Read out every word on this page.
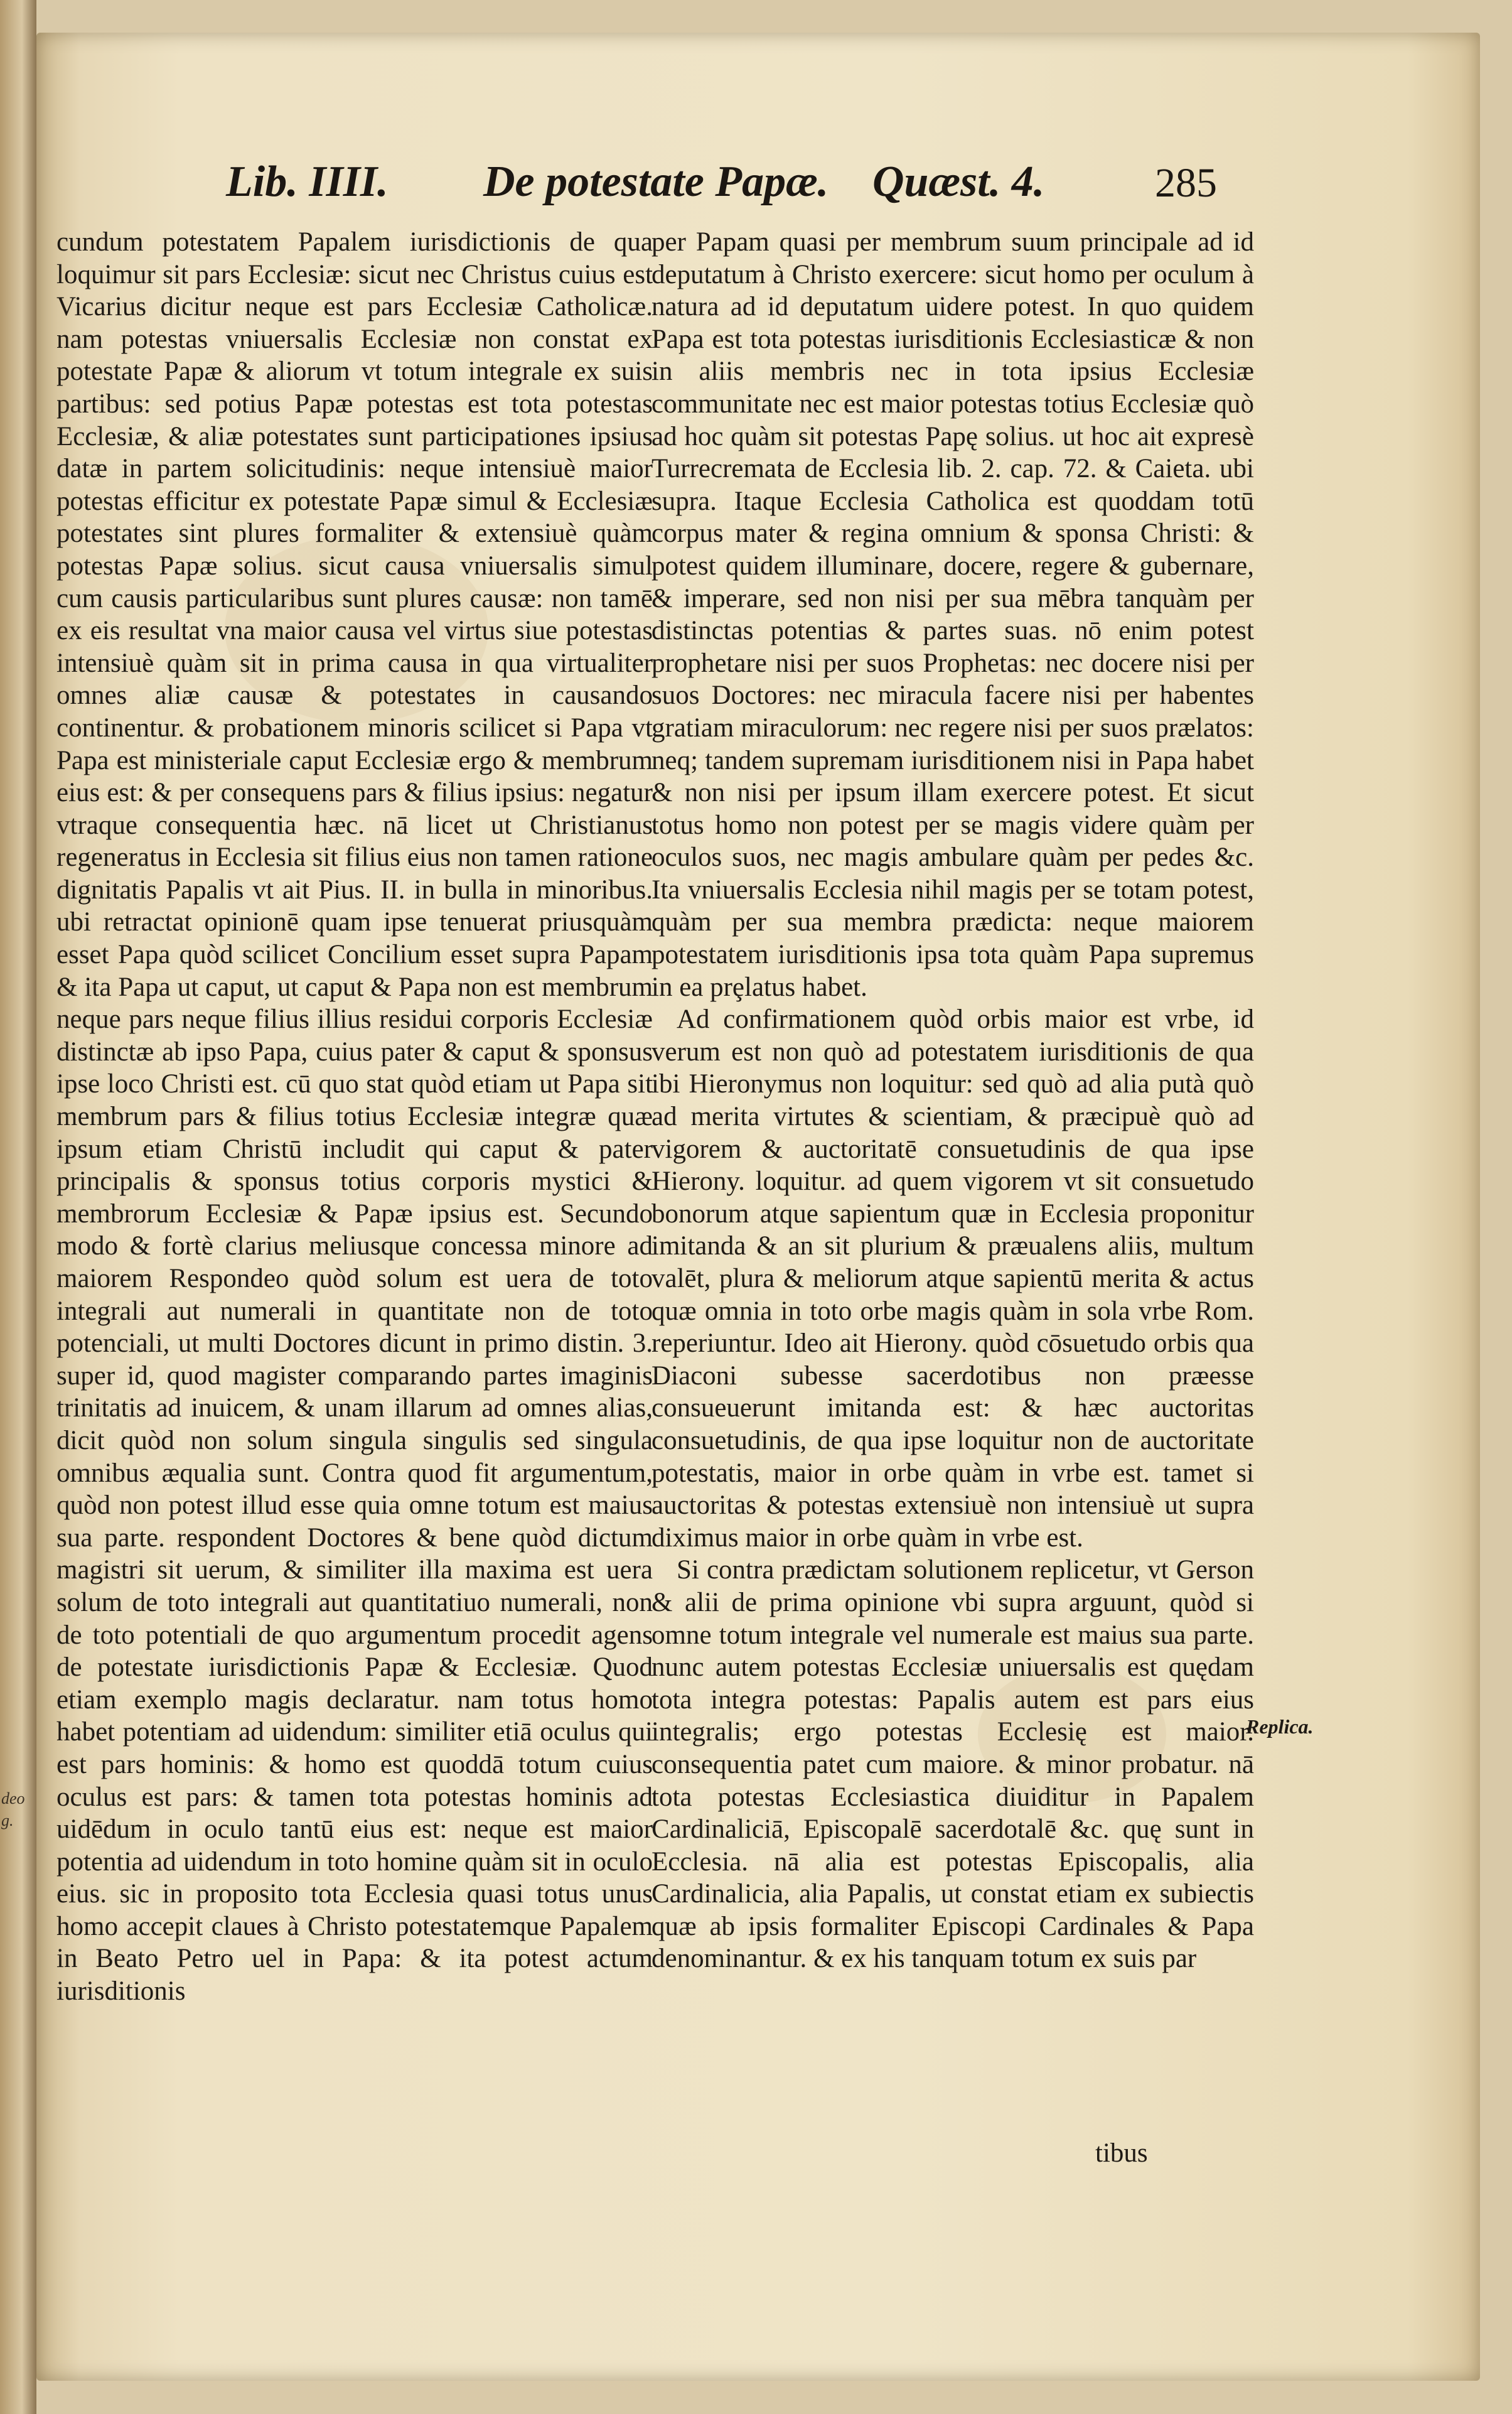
deo
g.
Lib. IIII. De potestate Papæ. Quæst. 4.	285

cundum potestatem Papalem iurisdictionis de qua loquimur sit pars Ecclesiæ: sicut nec Christus cuius est Vicarius dicitur neque est pars Ecclesiæ Catholicæ. nam potestas vniuersalis Ecclesiæ non constat ex potestate Papæ & aliorum vt totum integrale ex suis partibus: sed potius Papæ potestas est tota potestas Ecclesiæ, & aliæ potestates sunt participationes ipsius datæ in partem solicitudinis: neque intensiuè maior potestas efficitur ex potestate Papæ simul & Ecclesiæ potestates sint plures formaliter & extensiuè quàm potestas Papæ solius. sicut causa vniuersalis simul cum causis particularibus sunt plures causæ: non tamē ex eis resultat vna maior causa vel virtus siue potestas intensiuè quàm sit in prima causa in qua virtualiter omnes aliæ causæ & potestates in causando continentur. & probationem minoris scilicet si Papa vt Papa est ministeriale caput Ecclesiæ ergo & membrum eius est: & per consequens pars & filius ipsius: negatur vtraque consequentia hæc. nā licet ut Christianus regeneratus in Ecclesia sit filius eius non tamen ratione dignitatis Papalis vt ait Pius. II. in bulla in minoribus. ubi retractat opinionē quam ipse tenuerat priusquàm esset Papa quòd scilicet Concilium esset supra Papam & ita Papa ut caput, ut caput & Papa non est membrum neque pars neque filius illius residui corporis Ecclesiæ distinctæ ab ipso Papa, cuius pater & caput & sponsus ipse loco Christi est. cū quo stat quòd etiam ut Papa sit membrum pars & filius totius Ecclesiæ integræ quæ ipsum etiam Christū includit qui caput & pater principalis & sponsus totius corporis mystici & membrorum Ecclesiæ & Papæ ipsius est. Secundo modo & fortè clarius meliusque concessa minore ad maiorem Respondeo quòd solum est uera de toto integrali aut numerali in quantitate non de toto potenciali, ut multi Doctores dicunt in primo distin. 3. super id, quod magister comparando partes imaginis trinitatis ad inuicem, & unam illarum ad omnes alias, dicit quòd non solum singula singulis sed singula omnibus æqualia sunt. Contra quod fit argumentum, quòd non potest illud esse quia omne totum est maius sua parte. respondent Doctores & bene quòd dictum magistri sit uerum, & similiter illa maxima est uera solum de toto integrali aut quantitatiuo numerali, non de toto potentiali de quo argumentum procedit agens de potestate iurisdictionis Papæ & Ecclesiæ. Quod etiam exemplo magis declaratur. nam totus homo habet potentiam ad uidendum: similiter etiā oculus qui est pars hominis: & homo est quoddā totum cuius oculus est pars: & tamen tota potestas hominis ad uidēdum in oculo tantū eius est: neque est maior potentia ad uidendum in toto homine quàm sit in oculo eius. sic in proposito tota Ecclesia quasi totus unus homo accepit claues à Christo potestatemque Papalem in Beato Petro uel in Papa: & ita potest actum iurisditionis

per Papam quasi per membrum suum principale ad id deputatum à Christo exercere: sicut homo per oculum à natura ad id deputatum uidere potest. In quo quidem Papa est tota potestas iurisditionis Ecclesiasticæ & non in aliis membris nec in tota ipsius Ecclesiæ communitate nec est maior potestas totius Ecclesiæ quò ad hoc quàm sit potestas Papę solius. ut hoc ait expresè Turrecremata de Ecclesia lib. 2. cap. 72. & Caieta. ubi supra. Itaque Ecclesia Catholica est quoddam totū corpus mater & regina omnium & sponsa Christi: & potest quidem illuminare, docere, regere & gubernare, & imperare, sed non nisi per sua mēbra tanquàm per distinctas potentias & partes suas. nō enim potest prophetare nisi per suos Prophetas: nec docere nisi per suos Doctores: nec miracula facere nisi per habentes gratiam miraculorum: nec regere nisi per suos prælatos: neq; tandem supremam iurisditionem nisi in Papa habet & non nisi per ipsum illam exercere potest. Et sicut totus homo non potest per se magis videre quàm per oculos suos, nec magis ambulare quàm per pedes &c. Ita vniuersalis Ecclesia nihil magis per se totam potest, quàm per sua membra prædicta: neque maiorem potestatem iurisditionis ipsa tota quàm Papa supremus in ea prȩlatus habet.

Ad confirmationem quòd orbis maior est vrbe, id verum est non quò ad potestatem iurisditionis de qua ibi Hieronymus non loquitur: sed quò ad alia putà quò ad merita virtutes & scientiam, & præcipuè quò ad vigorem & auctoritatē consuetudinis de qua ipse Hierony. loquitur. ad quem vigorem vt sit consuetudo bonorum atque sapientum quæ in Ecclesia proponitur imitanda & an sit plurium & præualens aliis, multum valēt, plura & meliorum atque sapientū merita & actus quæ omnia in toto orbe magis quàm in sola vrbe Rom. reperiuntur. Ideo ait Hierony. quòd cōsuetudo orbis qua Diaconi subesse sacerdotibus non præesse consueuerunt imitanda est: & hæc auctoritas consuetudinis, de qua ipse loquitur non de auctoritate potestatis, maior in orbe quàm in vrbe est. tamet si auctoritas & potestas extensiuè non intensiuè ut supra diximus maior in orbe quàm in vrbe est.

Si contra prædictam solutionem replicetur, vt Gerson & alii de prima opinione vbi supra arguunt, quòd si omne totum integrale vel numerale est maius sua parte. nunc autem potestas Ecclesiæ uniuersalis est quędam tota integra potestas: Papalis autem est pars eius integralis; ergo potestas Ecclesię est maior. consequentia patet cum maiore. & minor probatur. nā tota potestas Ecclesiastica diuiditur in Papalem Cardinaliciā, Episcopalē sacerdotalē &c. quę sunt in Ecclesia. nā alia est potestas Episcopalis, alia Cardinalicia, alia Papalis, ut constat etiam ex subiectis quæ ab ipsis formaliter Episcopi Cardinales & Papa denominantur. & ex his tanquam totum ex suis par

Replica.
tibus
